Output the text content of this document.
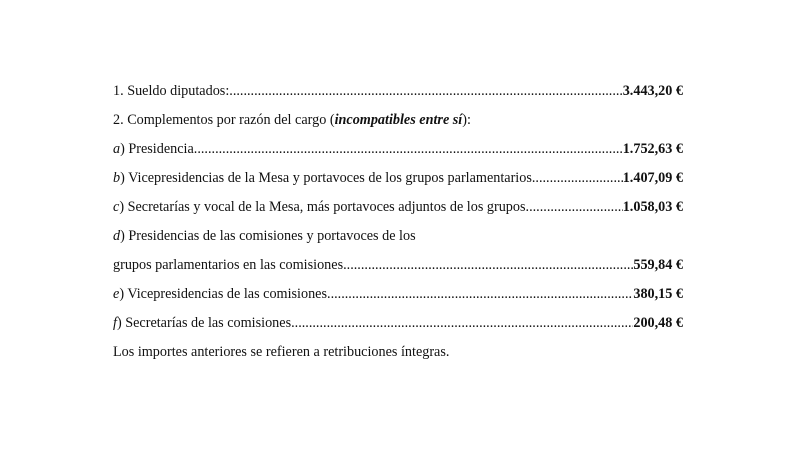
1. Sueldo diputados: .....	3.443,20 €
2. Complementos por razón del cargo (incompatibles entre sí):
a) Presidencia .....	1.752,63 €
b) Vicepresidencias de la Mesa y portavoces de los grupos parlamentarios .....	1.407,09 €
c) Secretarías y vocal de la Mesa, más portavoces adjuntos de los grupos .....	1.058,03 €
d) Presidencias de las comisiones y portavoces de los
grupos parlamentarios en las comisiones .....	559,84 €
e) Vicepresidencias de las comisiones .....	380,15 €
f) Secretarías de las comisiones .....	200,48 €
Los importes anteriores se refieren a retribuciones íntegras.
